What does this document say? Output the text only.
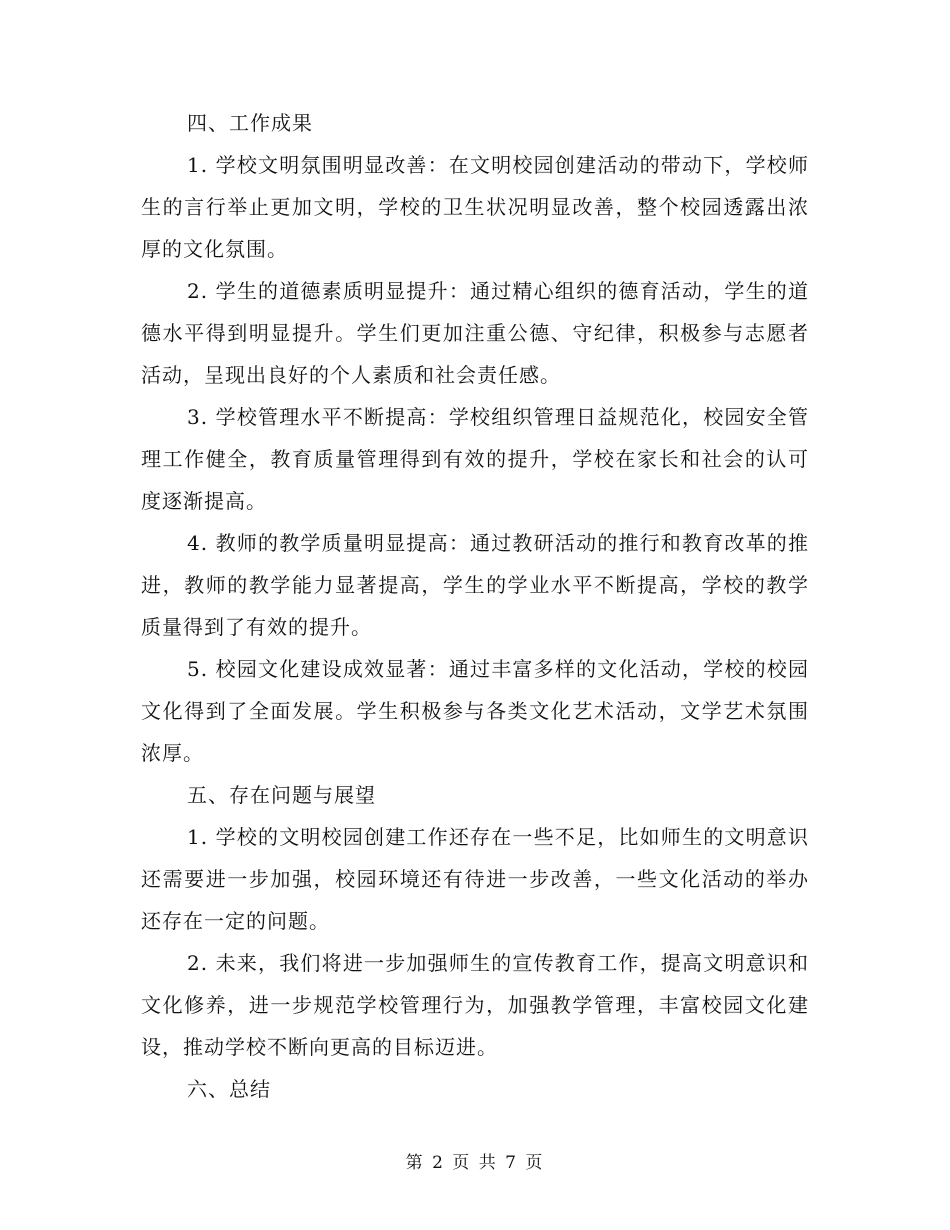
四、工作成果

1. 学校文明氛围明显改善：在文明校园创建活动的带动下，学校师生的言行举止更加文明，学校的卫生状况明显改善，整个校园透露出浓厚的文化氛围。

2. 学生的道德素质明显提升：通过精心组织的德育活动，学生的道德水平得到明显提升。学生们更加注重公德、守纪律，积极参与志愿者活动，呈现出良好的个人素质和社会责任感。

3. 学校管理水平不断提高：学校组织管理日益规范化，校园安全管理工作健全，教育质量管理得到有效的提升，学校在家长和社会的认可度逐渐提高。

4. 教师的教学质量明显提高：通过教研活动的推行和教育改革的推进，教师的教学能力显著提高，学生的学业水平不断提高，学校的教学质量得到了有效的提升。

5. 校园文化建设成效显著：通过丰富多样的文化活动，学校的校园文化得到了全面发展。学生积极参与各类文化艺术活动，文学艺术氛围浓厚。

五、存在问题与展望

1. 学校的文明校园创建工作还存在一些不足，比如师生的文明意识还需要进一步加强，校园环境还有待进一步改善，一些文化活动的举办还存在一定的问题。

2. 未来，我们将进一步加强师生的宣传教育工作，提高文明意识和文化修养，进一步规范学校管理行为，加强教学管理，丰富校园文化建设，推动学校不断向更高的目标迈进。

六、总结

第 2 页 共 7 页
